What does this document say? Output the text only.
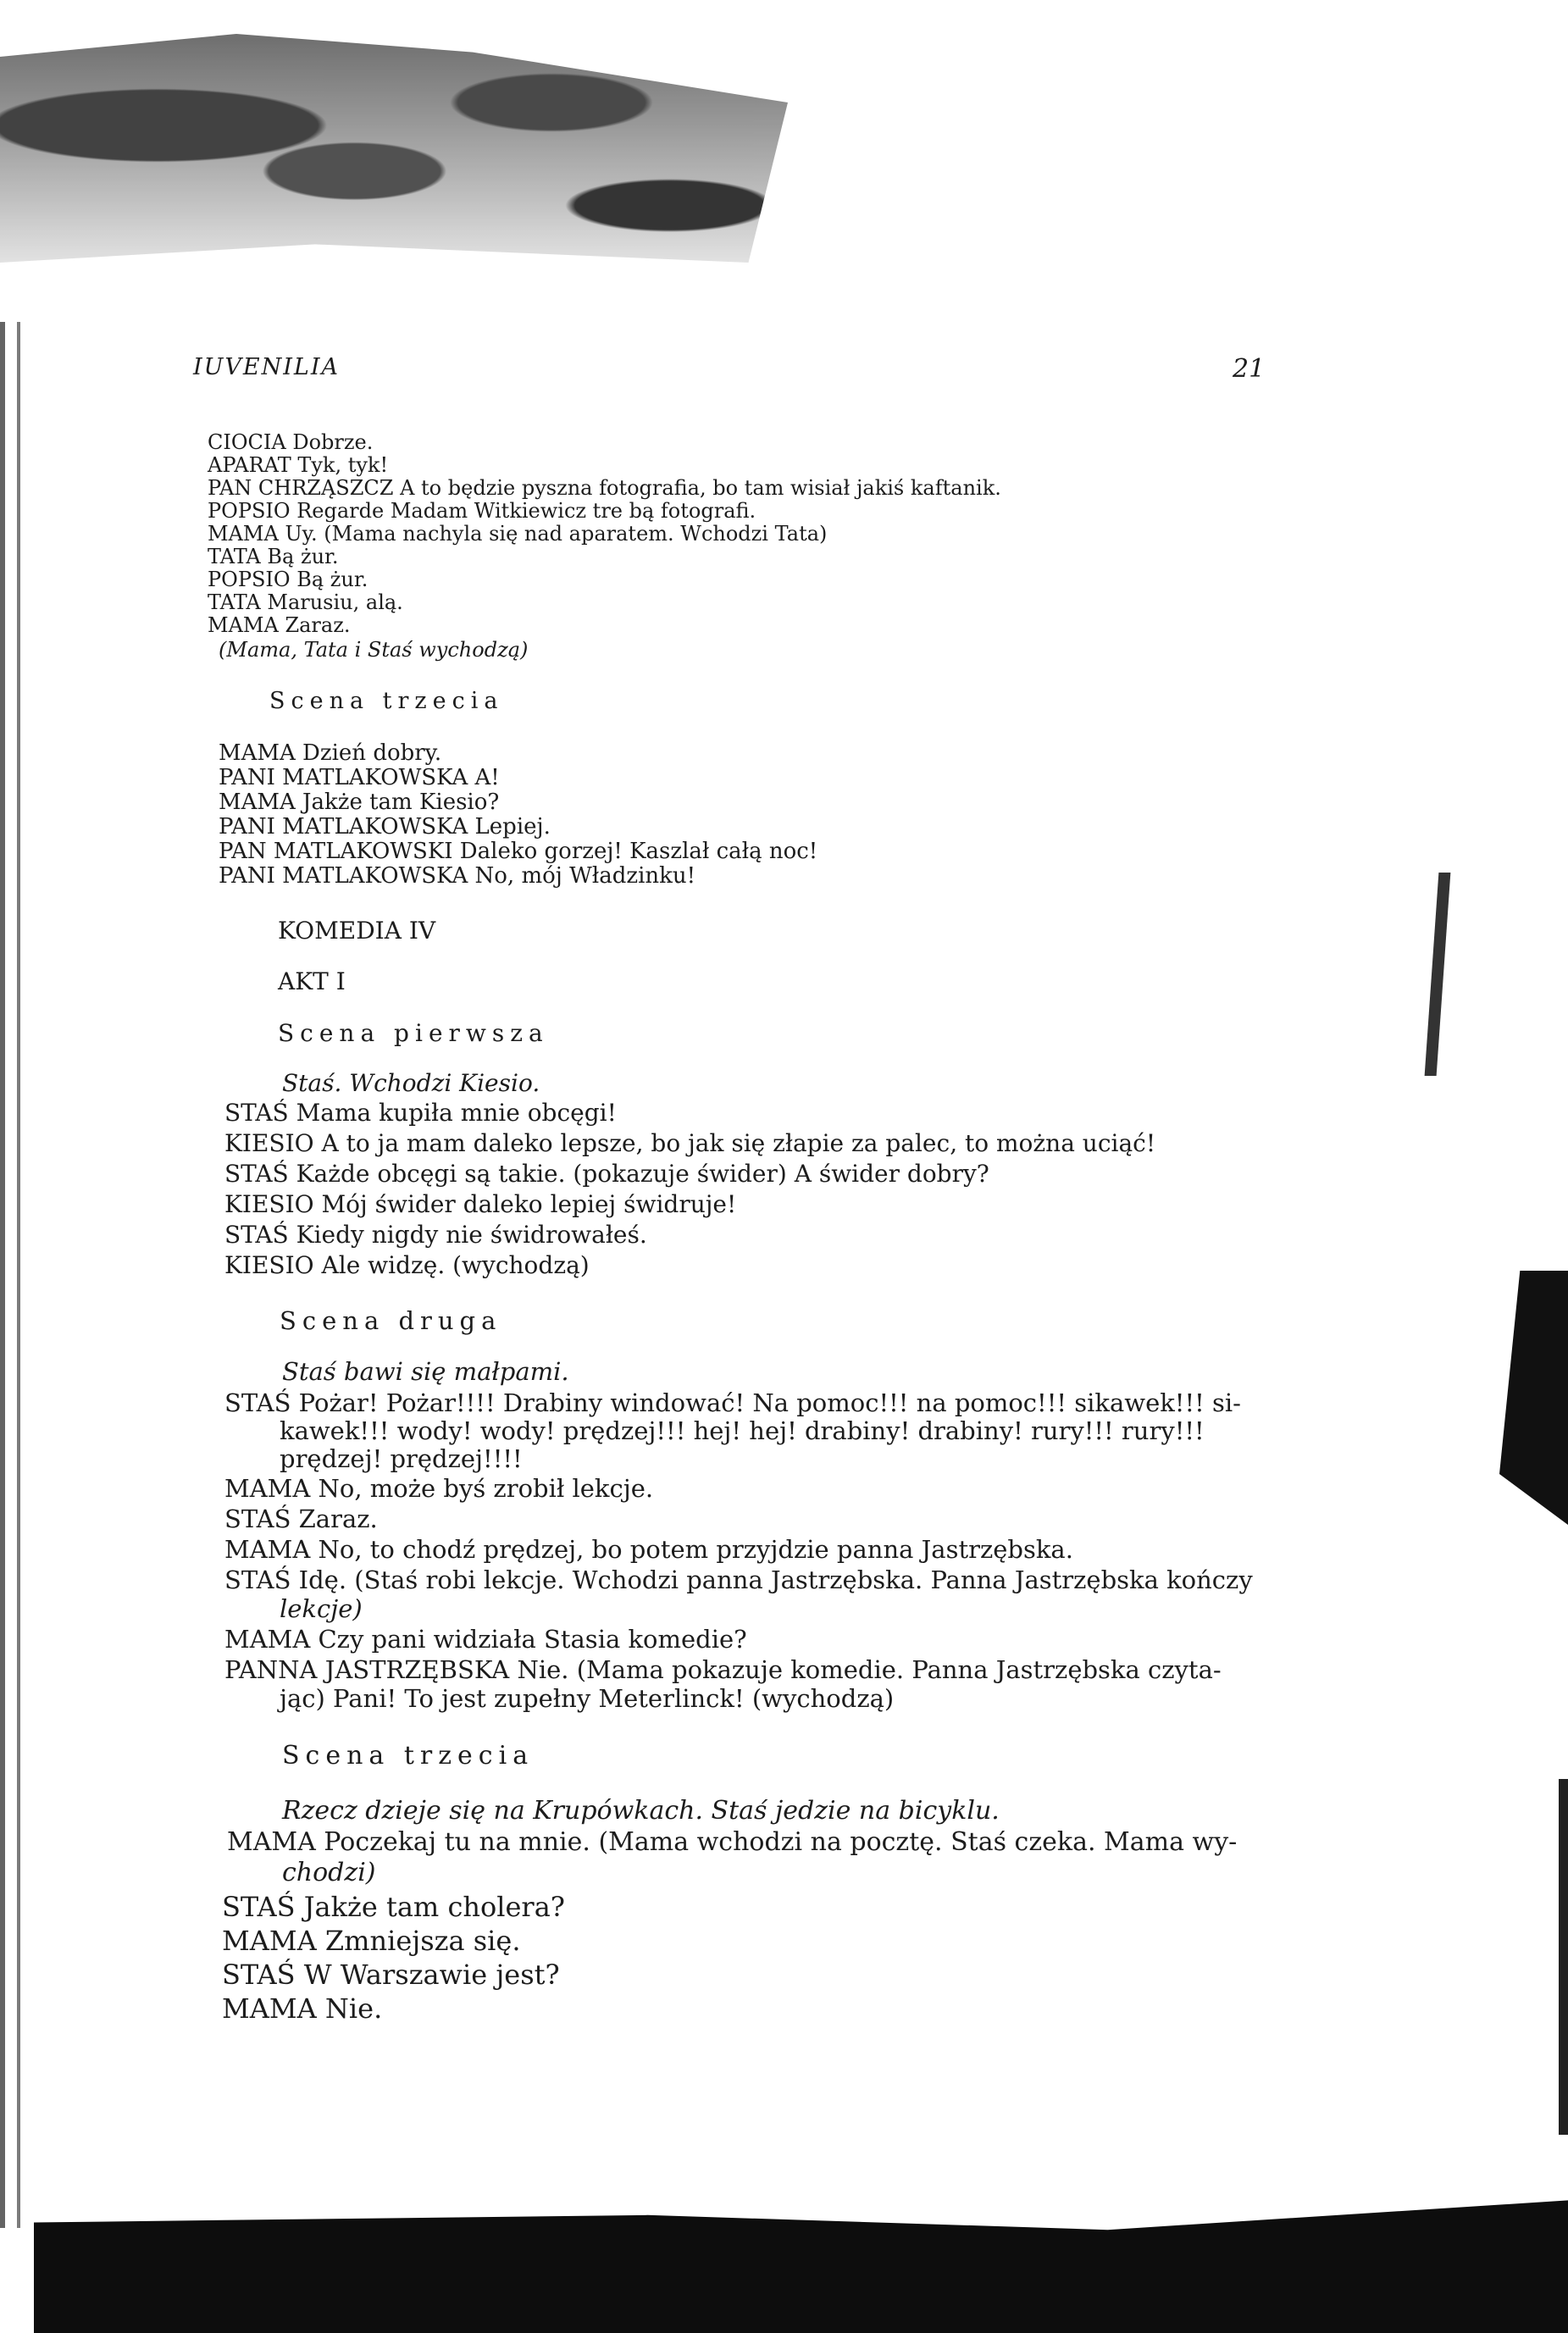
IUVENILIA	21
CIOCIA Dobrze.
APARAT Tyk, tyk!
PAN CHRZĄSZCZ A to będzie pyszna fotografia, bo tam wisiał jakiś kaftanik.
POPSIO Regarde Madam Witkiewicz tre bą fotografi.
MAMA Uy. (Mama nachyla się nad aparatem. Wchodzi Tata)
TATA Bą żur.
POPSIO Bą żur.
TATA Marusiu, alą.
MAMA Zaraz.
(Mama, Tata i Staś wychodzą)
Scena trzecia
MAMA Dzień dobry.
PANI MATLAKOWSKA A!
MAMA Jakże tam Kiesio?
PANI MATLAKOWSKA Lepiej.
PAN MATLAKOWSKI Daleko gorzej! Kaszlał całą noc!
PANI MATLAKOWSKA No, mój Władzinku!
KOMEDIA IV
AKT I
Scena pierwsza
Staś. Wchodzi Kiesio.
STAŚ Mama kupiła mnie obcęgi!
KIESIO A to ja mam daleko lepsze, bo jak się złapie za palec, to można uciąć!
STAŚ Każde obcęgi są takie. (pokazuje świder) A świder dobry?
KIESIO Mój świder daleko lepiej świdruje!
STAŚ Kiedy nigdy nie świdrowałeś.
KIESIO Ale widzę. (wychodzą)
Scena druga
Staś bawi się małpami.
STAŚ Pożar! Pożar!!!! Drabiny windować! Na pomoc!!! na pomoc!!! sikawek!!! si-
kawek!!! wody! wody! prędzej!!! hej! hej! drabiny! drabiny! rury!!! rury!!!
prędzej! prędzej!!!!
MAMA No, może byś zrobił lekcje.
STAŚ Zaraz.
MAMA No, to chodź prędzej, bo potem przyjdzie panna Jastrzębska.
STAŚ Idę. (Staś robi lekcje. Wchodzi panna Jastrzębska. Panna Jastrzębska kończy
lekcje)
MAMA Czy pani widziała Stasia komedie?
PANNA JASTRZĘBSKA Nie. (Mama pokazuje komedie. Panna Jastrzębska czyta-
jąc) Pani! To jest zupełny Meterlinck! (wychodzą)
Scena trzecia
Rzecz dzieje się na Krupówkach. Staś jedzie na bicyklu.
MAMA Poczekaj tu na mnie. (Mama wchodzi na pocztę. Staś czeka. Mama wy-
chodzi)
STAŚ Jakże tam cholera?
MAMA Zmniejsza się.
STAŚ W Warszawie jest?
MAMA Nie.
